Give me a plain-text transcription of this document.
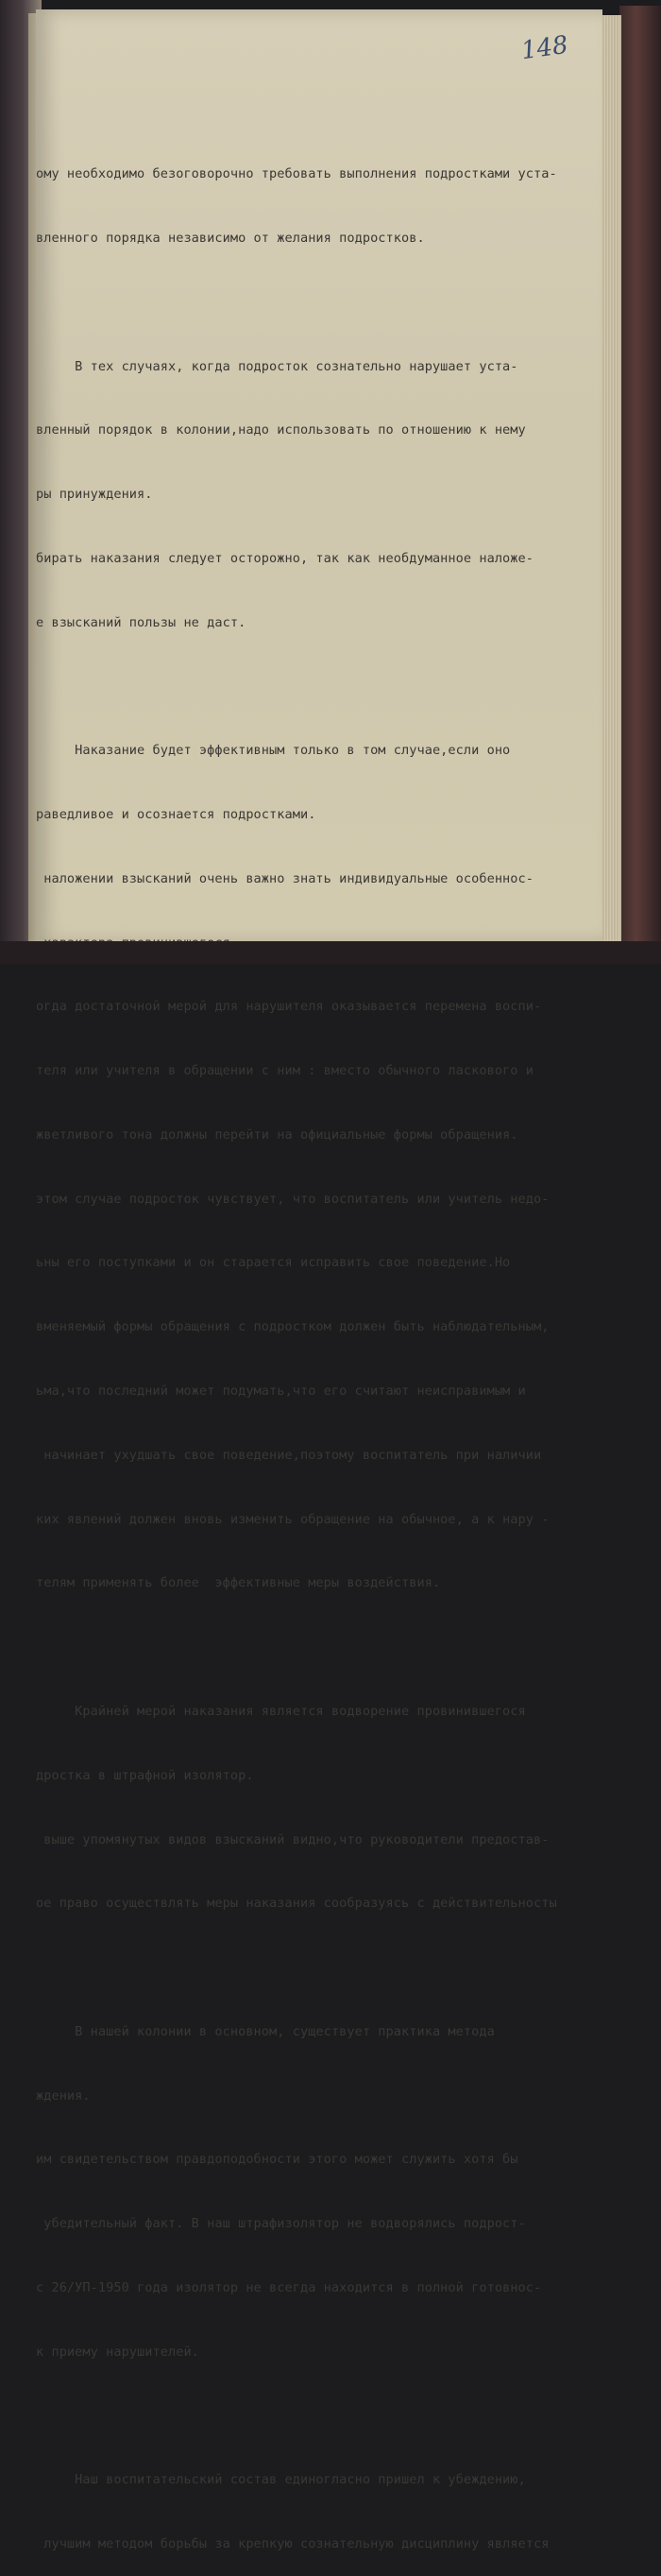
148

ому необходимо безоговорочно требовать выполнения подростками уста-

вленного порядка независимо от желания подростков.

В тех случаях, когда подросток сознательно нарушает уста-

вленный порядок в колонии,надо использовать по отношению к нему

ры принуждения.

бирать наказания следует осторожно, так как необдуманное наложе-

е взысканий пользы не даст.

Наказание будет эффективным только в том случае,если оно

раведливое и осознается подростками.

наложении взысканий очень важно знать индивидуальные особеннос-

огда достаточной мерой для нарушителя оказывается перемена воспи-

теля или учителя в обращении с ним : вместо обычного ласкового и

жветливого тона должны перейти на официальные формы обращения.

этом случае подросток чувствует, что воспитатель или учитель недо-

ьны его поступками и он старается исправить свое поведение.Но

вменяемый формы обращения с подростком должен быть наблюдательным,

ьма,что последний может подумать,что его считают неисправимым и

начинает ухудшать свое поведение,поэтому воспитатель при наличии

ких явлений должен вновь изменить обращение на обычное, а к нару -

телям применять более  эффективные меры воздействия.

Крайней мерой наказания является водворение провинившегося

дростка в штрафной изолятор.

выше упомянутых видов взысканий видно,что руководители предостав-

ое право осуществлять меры наказания сообразуясь с действительносты

В нашей колонии в основном, существует практика метода

ждения.

им свидетельством правдоподобности этого может служить хотя бы

убедительный факт. В наш штрафизолятор не водворялись подрост-

с 26/УП-1950 года изолятор не всегда находится в полной готовнос-

к приему нарушителей.

Наш воспитательский состав единогласно пришел к убеждению,

лучшим методом борьбы за крепкую сознательную дисциплину является
